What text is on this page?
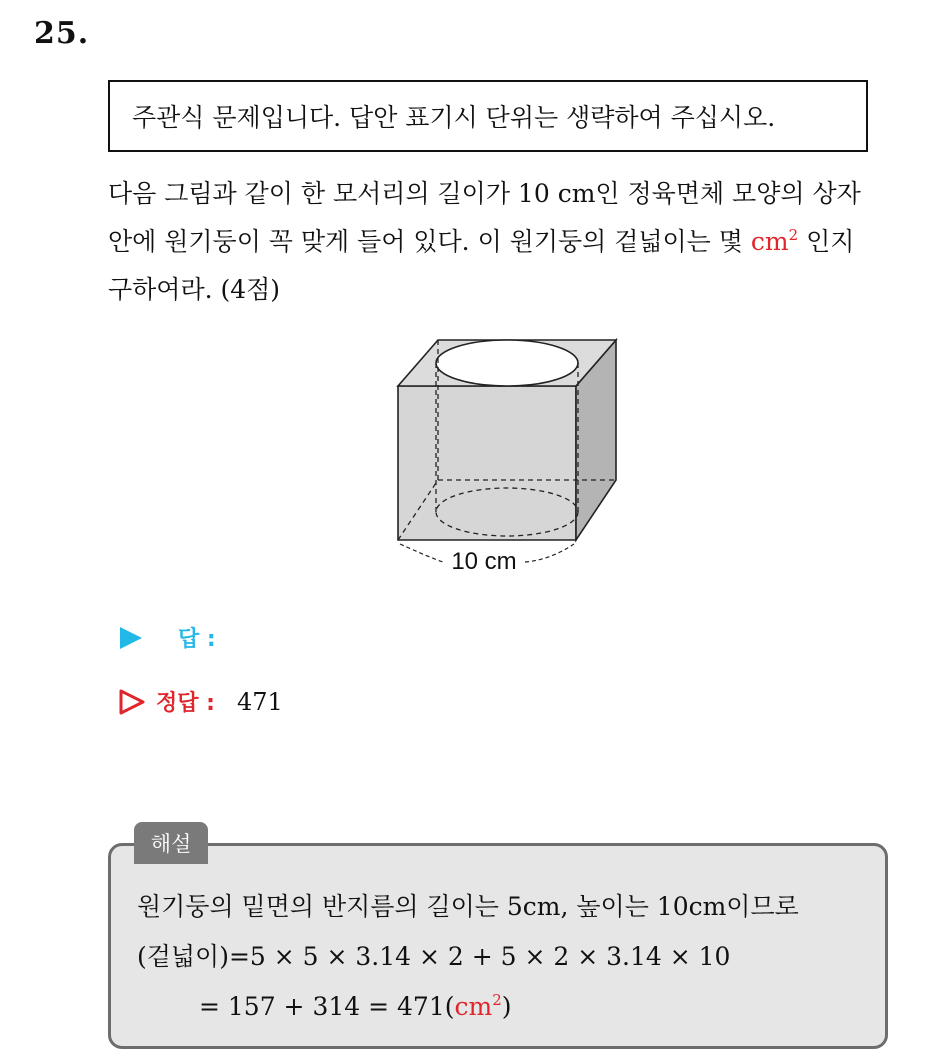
25.
주관식 문제입니다. 답안 표기시 단위는 생략하여 주십시오.
다음 그림과 같이 한 모서리의 길이가 10 cm인 정육면체 모양의 상자
안에 원기둥이 꼭 맞게 들어 있다. 이 원기둥의 겉넓이는 몇 $cm^2$ 인지
구하여라. (4점)
10 cm
답 :
정답 : 471
해설
원기둥의 밑면의 반지름의 길이는 5cm, 높이는 10cm이므로
(겉넓이)=5 × 5 × 3.14 × 2 + 5 × 2 × 3.14 × 10
= $157 + 314 = 471(cm^2)$
